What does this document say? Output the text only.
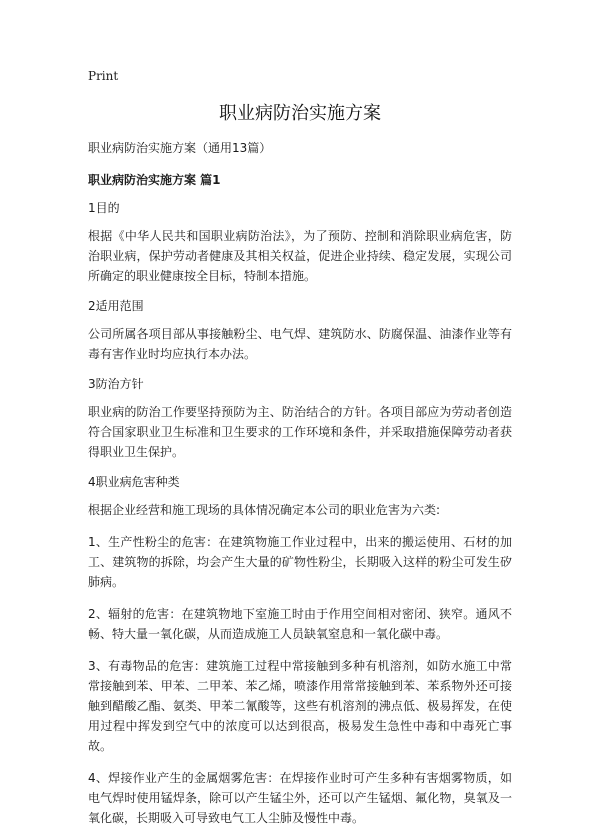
Print
职业病防治实施方案
职业病防治实施方案（通用13篇）
职业病防治实施方案 篇1
1目的

根据《中华人民共和国职业病防治法》，为了预防、控制和消除职业病危害，防治职业病，保护劳动者健康及其相关权益，促进企业持续、稳定发展，实现公司所确定的职业健康按全目标，特制本措施。

2适用范围

公司所属各项目部从事接触粉尘、电气焊、建筑防水、防腐保温、油漆作业等有毒有害作业时均应执行本办法。

3防治方针

职业病的防治工作要坚持预防为主、防治结合的方针。各项目部应为劳动者创造符合国家职业卫生标准和卫生要求的工作环境和条件，并采取措施保障劳动者获得职业卫生保护。

4职业病危害种类

根据企业经营和施工现场的具体情况确定本公司的职业危害为六类:

1、生产性粉尘的危害：在建筑物施工作业过程中，出来的搬运使用、石材的加工、建筑物的拆除，均会产生大量的矿物性粉尘，长期吸入这样的粉尘可发生矽肺病。

2、辐射的危害：在建筑物地下室施工时由于作用空间相对密闭、狭窄。通风不畅、特大量一氧化碳，从而造成施工人员缺氧窒息和一氧化碳中毒。

3、有毒物品的危害：建筑施工过程中常接触到多种有机溶剂，如防水施工中常常接触到苯、甲苯、二甲苯、苯乙烯，喷漆作用常常接触到苯、苯系物外还可接触到醋酸乙酯、氨类、甲苯二氰酸等，这些有机溶剂的沸点低、极易挥发，在使用过程中挥发到空气中的浓度可以达到很高，极易发生急性中毒和中毒死亡事故。

4、焊接作业产生的金属烟雾危害：在焊接作业时可产生多种有害烟雾物质，如电气焊时使用锰焊条，除可以产生锰尘外，还可以产生锰烟、氟化物，臭氧及一氧化碳，长期吸入可导致电气工人尘肺及慢性中毒。
